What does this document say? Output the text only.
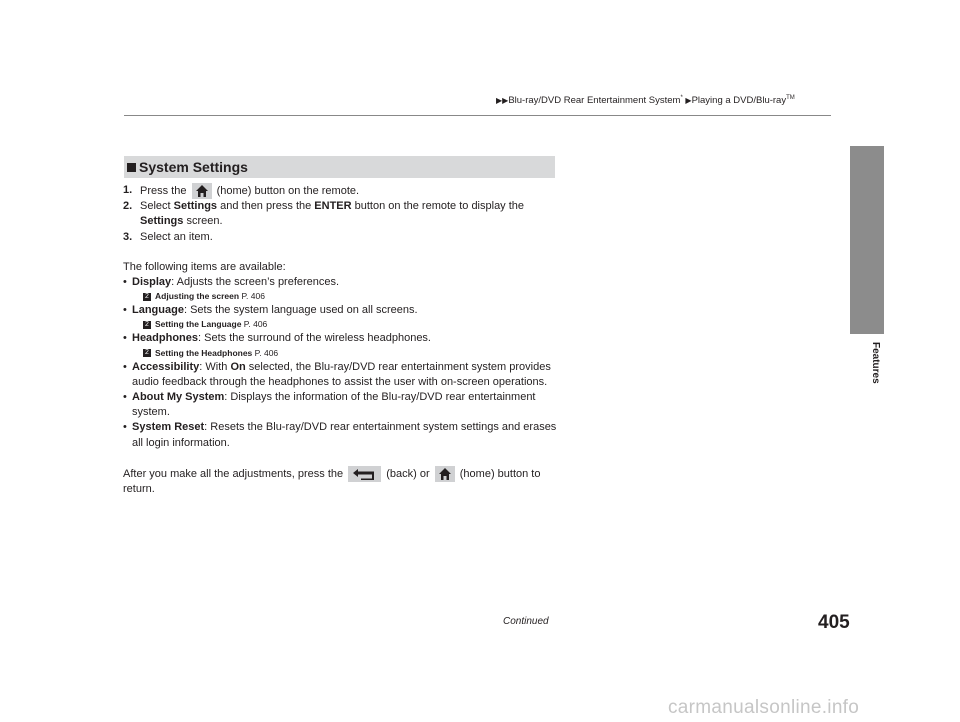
▶▶Blu-ray/DVD Rear Entertainment System* ▶Playing a DVD/Blu-ray™
Features
System Settings

1. Press the	(home) button on the remote.

2. Select Settings and then press the ENTER button on the remote to display the Settings screen.

3. Select an item.

The following items are available:

• Display: Adjusts the screen’s preferences.

2 Adjusting the screen P. 406

• Language: Sets the system language used on all screens.

2 Setting the Language P. 406

• Headphones: Sets the surround of the wireless headphones.

2 Setting the Headphones P. 406

• Accessibility: With On selected, the Blu-ray/DVD rear entertainment system provides audio feedback through the headphones to assist the user with on-screen operations.

• About My System: Displays the information of the Blu-ray/DVD rear entertainment system.

• System Reset: Resets the Blu-ray/DVD rear entertainment system settings and erases all login information.

After you make all the adjustments, press the	(back) or	(home) button to return.

Continued	405
carmanualsonline.info
